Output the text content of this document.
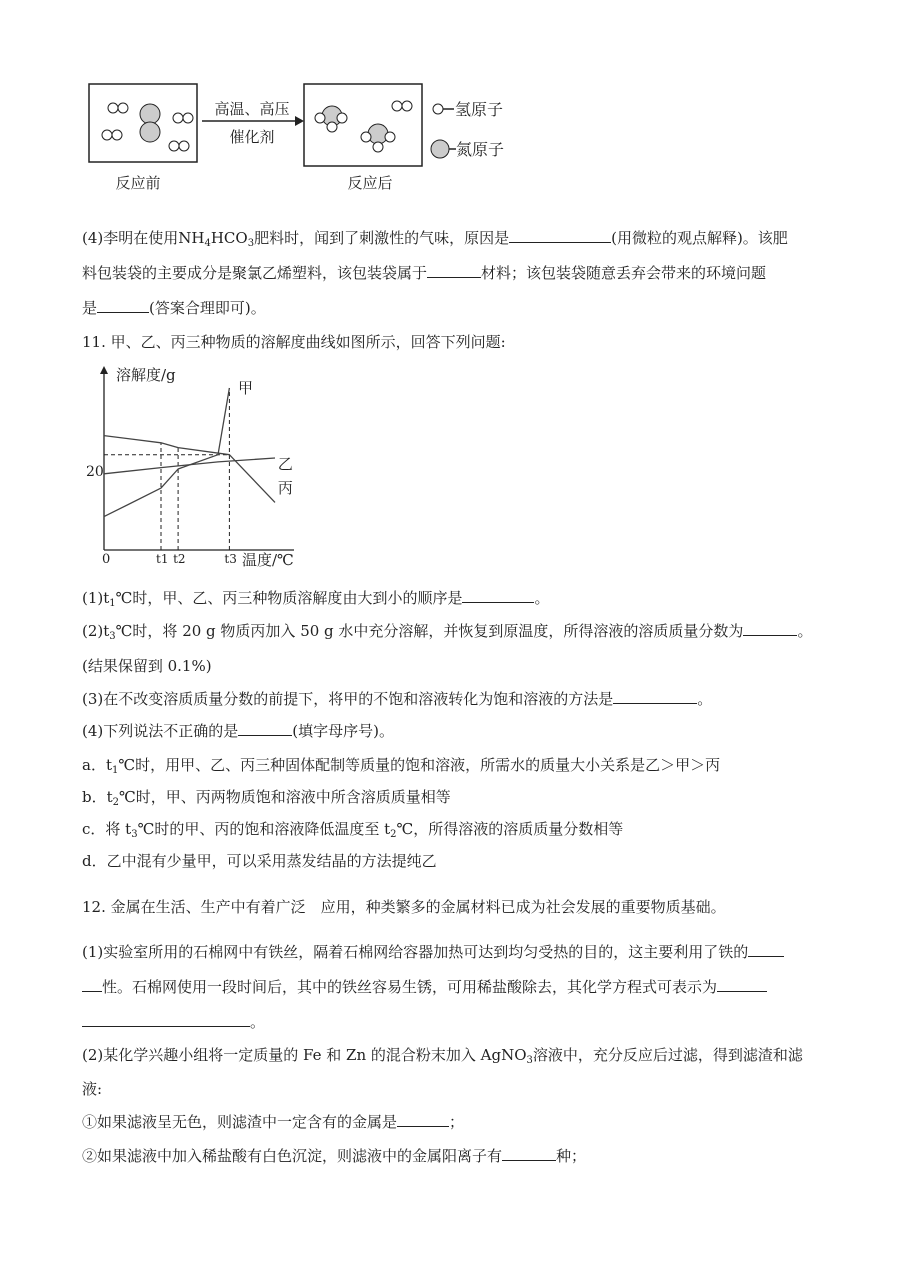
高温、高压
催化剂
反应前	反应后
氢原子
氮原子
(4)李明在使用$NH_4HCO_3$肥料时，闻到了刺激性的气味，原因是	(用微粒的观点解释)。该肥
料包装袋的主要成分是聚氯乙烯塑料，该包装袋属于	材料；该包装袋随意丢弃会带来的环境问题
是	(答案合理即可)。
11. 甲、乙、丙三种物质的溶解度曲线如图所示，回答下列问题:
溶解度/g
温度/℃
0
20
t1 t2	t3
甲
乙
丙
$(1)t_1℃$时，甲、乙、丙三种物质溶解度由大到小的顺序是	。
$(2)t_3℃$时，将 20 g 物质丙加入 50 g 水中充分溶解，并恢复到原温度，所得溶液的溶质质量分数为	。
(结果保留到 0.1%)
(3)在不改变溶质质量分数的前提下，将甲的不饱和溶液转化为饱和溶液的方法是	。
(4)下列说法不正确的是	(填字母序号)。
a．$t_1℃$时，用甲、乙、丙三种固体配制等质量的饱和溶液，所需水的质量大小关系是乙＞甲＞丙
b．$t_2℃$时，甲、丙两物质饱和溶液中所含溶质质量相等
c．将 $t_3℃$时的甲、丙的饱和溶液降低温度至 $t_2℃$，所得溶液的溶质质量分数相等
d．乙中混有少量甲，可以采用蒸发结晶的方法提纯乙
12. 金属在生活、生产中有着广泛　应用，种类繁多的金属材料已成为社会发展的重要物质基础。
(1)实验室所用的石棉网中有铁丝，隔着石棉网给容器加热可达到均匀受热的目的，这主要利用了铁的
性。石棉网使用一段时间后，其中的铁丝容易生锈，可用稀盐酸除去，其化学方程式可表示为
。
(2)某化学兴趣小组将一定质量的 Fe 和 Zn 的混合粉末加入 AgNO$_3$溶液中，充分反应后过滤，得到滤渣和滤
液:
①如果滤液呈无色，则滤渣中一定含有的金属是	；
②如果滤液中加入稀盐酸有白色沉淀，则滤液中的金属阳离子有	种；
